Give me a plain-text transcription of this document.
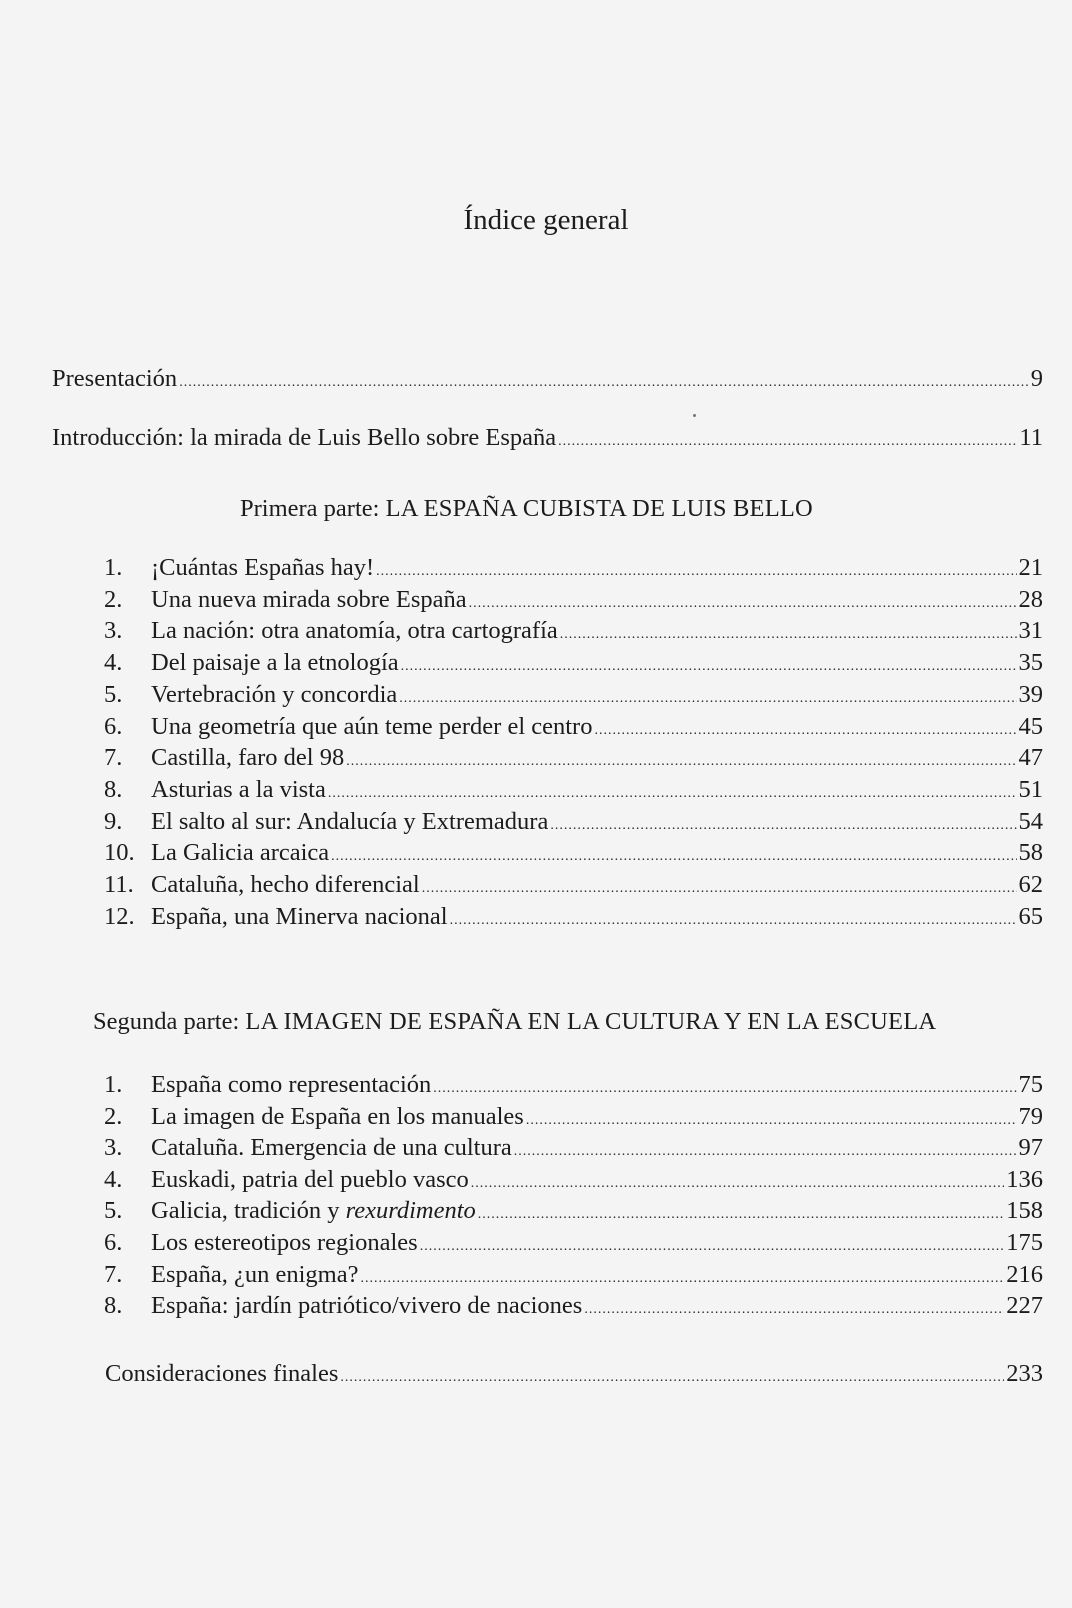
Índice general
Presentación .....	9
Introducción: la mirada de Luis Bello sobre España .....	11
Primera parte: LA ESPAÑA CUBISTA DE LUIS BELLO
1.	¡Cuántas Españas hay! .....	21
2.	Una nueva mirada sobre España .....	28
3.	La nación: otra anatomía, otra cartografía .....	31
4.	Del paisaje a la etnología .....	35
5.	Vertebración y concordia .....	39
6.	Una geometría que aún teme perder el centro .....	45
7.	Castilla, faro del 98 .....	47
8.	Asturias a la vista .....	51
9.	El salto al sur: Andalucía y Extremadura .....	54
10. La Galicia arcaica .....	58
11. Cataluña, hecho diferencial .....	62
12. España, una Minerva nacional .....	65
Segunda parte: LA IMAGEN DE ESPAÑA EN LA CULTURA Y EN LA ESCUELA
1.	España como representación .....	75
2.	La imagen de España en los manuales .....	79
3.	Cataluña. Emergencia de una cultura .....	97
4.	Euskadi, patria del pueblo vasco .....	136
5.	Galicia, tradición y rexurdimento .....	158
6.	Los estereotipos regionales .....	175
7.	España, ¿un enigma? .....	216
8.	España: jardín patriótico/vivero de naciones .....	227
Consideraciones finales .....	233
